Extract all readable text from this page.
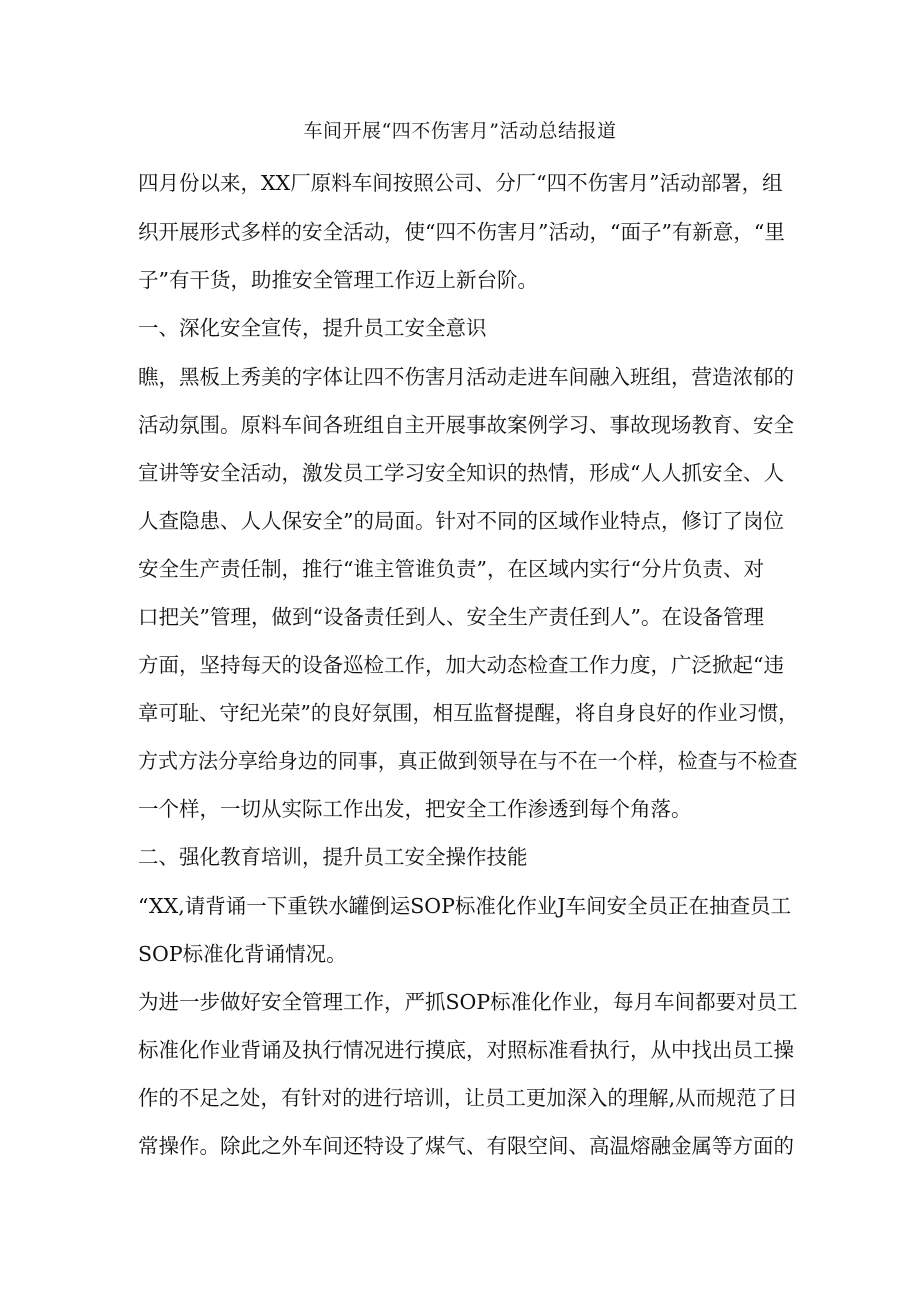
车间开展“四不伤害月”活动总结报道
四月份以来，XX厂原料车间按照公司、分厂“四不伤害月”活动部署，组
织开展形式多样的安全活动，使“四不伤害月”活动，“面子”有新意，“里
子”有干货，助推安全管理工作迈上新台阶。
一、深化安全宣传，提升员工安全意识
瞧，黑板上秀美的字体让四不伤害月活动走进车间融入班组，营造浓郁的
活动氛围。原料车间各班组自主开展事故案例学习、事故现场教育、安全
宣讲等安全活动，激发员工学习安全知识的热情，形成“人人抓安全、人
人查隐患、人人保安全”的局面。针对不同的区域作业特点，修订了岗位
安全生产责任制，推行“谁主管谁负责”，在区域内实行“分片负责、对
口把关”管理，做到“设备责任到人、安全生产责任到人”。在设备管理
方面，坚持每天的设备巡检工作，加大动态检查工作力度，广泛掀起“违
章可耻、守纪光荣”的良好氛围，相互监督提醒，将自身良好的作业习惯，
方式方法分享给身边的同事，真正做到领导在与不在一个样，检查与不检查
一个样，一切从实际工作出发，把安全工作渗透到每个角落。
二、强化教育培训，提升员工安全操作技能
“XX,请背诵一下重铁水罐倒运SOP标准化作业J车间安全员正在抽查员工
SOP标准化背诵情况。
为进一步做好安全管理工作，严抓SOP标准化作业，每月车间都要对员工
标准化作业背诵及执行情况进行摸底，对照标准看执行，从中找出员工操
作的不足之处，有针对的进行培训，让员工更加深入的理解,从而规范了日
常操作。除此之外车间还特设了煤气、有限空间、高温熔融金属等方面的
